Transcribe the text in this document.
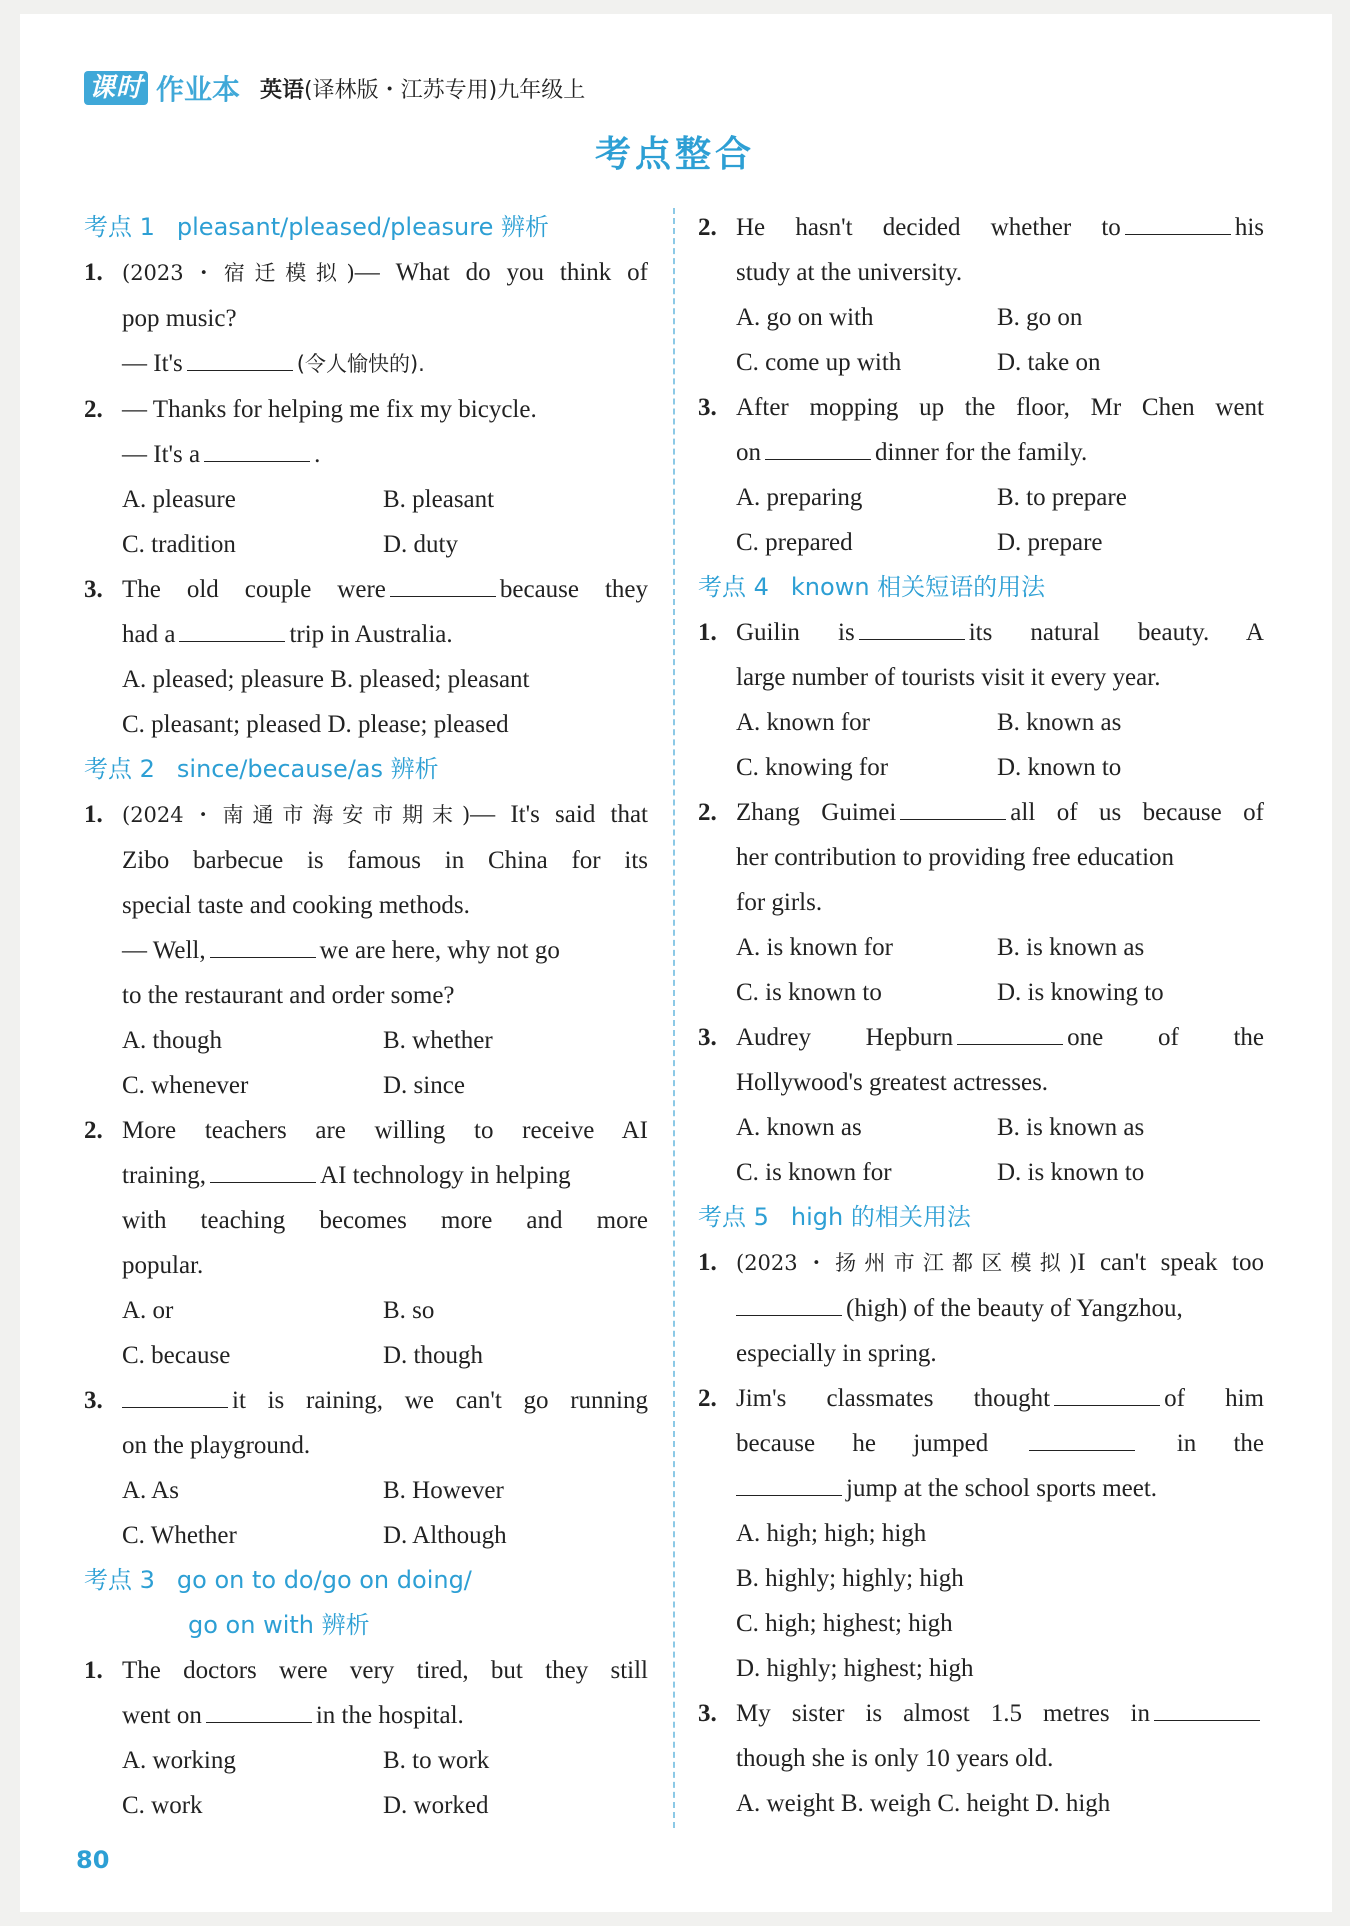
课时 作业本 英语(译林版・江苏专用)九年级上
考点整合
考点 1 pleasant/pleased/pleasure 辨析
1. (2023・宿迁模拟)— What do you think of
pop music?
— It's	(令人愉快的).
2. — Thanks for helping me fix my bicycle.
— It's a	.
A. pleasure	B. pleasant
C. tradition	D. duty
3. The old couple were	because they
had a	trip in Australia.
A. pleased; pleasure B. pleased; pleasant
C. pleasant; pleased D. please; pleased
考点 2 since/because/as 辨析
1. (2024・南通市海安市期末)— It's said that
Zibo barbecue is famous in China for its
special taste and cooking methods.
— Well,	we are here, why not go
to the restaurant and order some?
A. though	B. whether
C. whenever	D. since
2. More teachers are willing to receive AI
training,	AI technology in helping
with teaching becomes more and more
popular.
A. or	B. so
C. because	D. though
3.	it is raining, we can't go running
on the playground.
A. As	B. However
C. Whether	D. Although
考点 3 go on to do/go on doing/
go on with 辨析
1. The doctors were very tired, but they still
went on	in the hospital.
A. working	B. to work
C. work	D. worked
2. He hasn't decided whether to	his
study at the university.
A. go on with	B. go on
C. come up with	D. take on
3. After mopping up the floor, Mr Chen went
on	dinner for the family.
A. preparing	B. to prepare
C. prepared	D. prepare
考点 4 known 相关短语的用法
1. Guilin is	its natural beauty. A
large number of tourists visit it every year.
A. known for	B. known as
C. knowing for	D. known to
2. Zhang Guimei	all of us because of
her contribution to providing free education
for girls.
A. is known for	B. is known as
C. is known to	D. is knowing to
3. Audrey Hepburn	one of the
Hollywood's greatest actresses.
A. known as	B. is known as
C. is known for	D. is known to
考点 5 high 的相关用法
1. (2023・扬州市江都区模拟)I can't speak too
(high) of the beauty of Yangzhou,
especially in spring.
2. Jim's classmates thought	of him
because he jumped	in the
jump at the school sports meet.
A. high; high; high
B. highly; highly; high
C. high; highest; high
D. highly; highest; high
3. My sister is almost 1.5 metres in
though she is only 10 years old.
A. weight B. weigh C. height D. high
80
